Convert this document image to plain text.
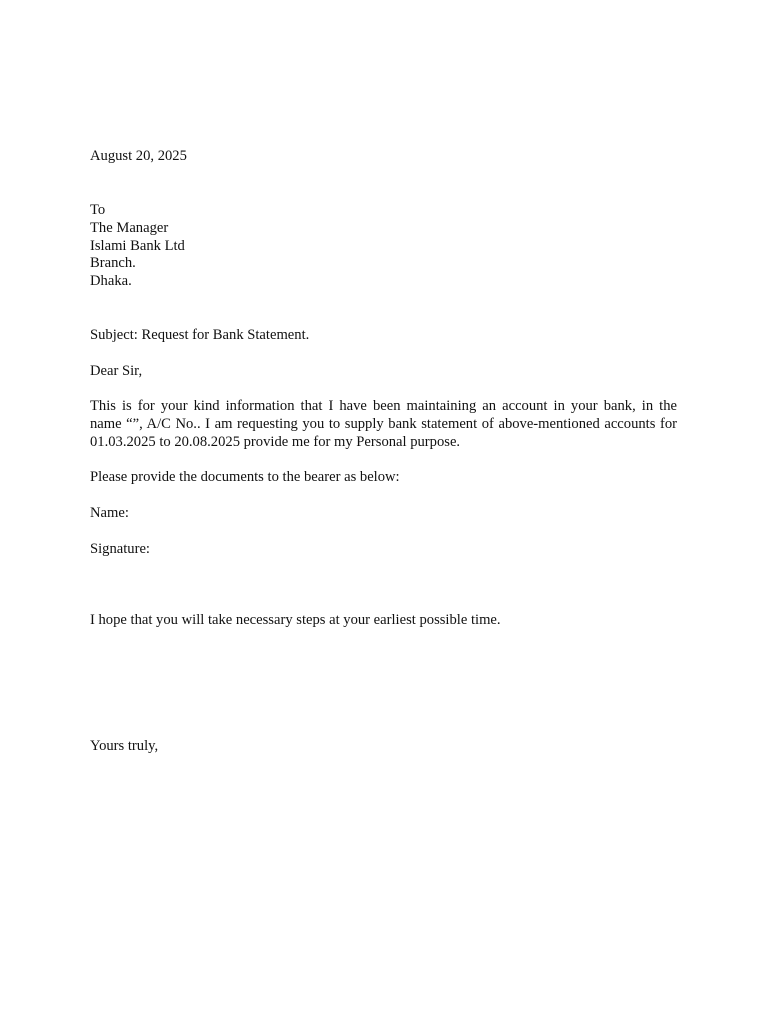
August 20, 2025
To
The Manager
Islami Bank Ltd
Branch.
Dhaka.
Subject: Request for Bank Statement.
Dear Sir,
This is for your kind information that I have been maintaining an account in your bank, in the
name “”, A/C No.. I am requesting you to supply bank statement of above-mentioned accounts for
01.03.2025 to 20.08.2025 provide me for my Personal purpose.
Please provide the documents to the bearer as below:
Name:
Signature:
I hope that you will take necessary steps at your earliest possible time.
Yours truly,
